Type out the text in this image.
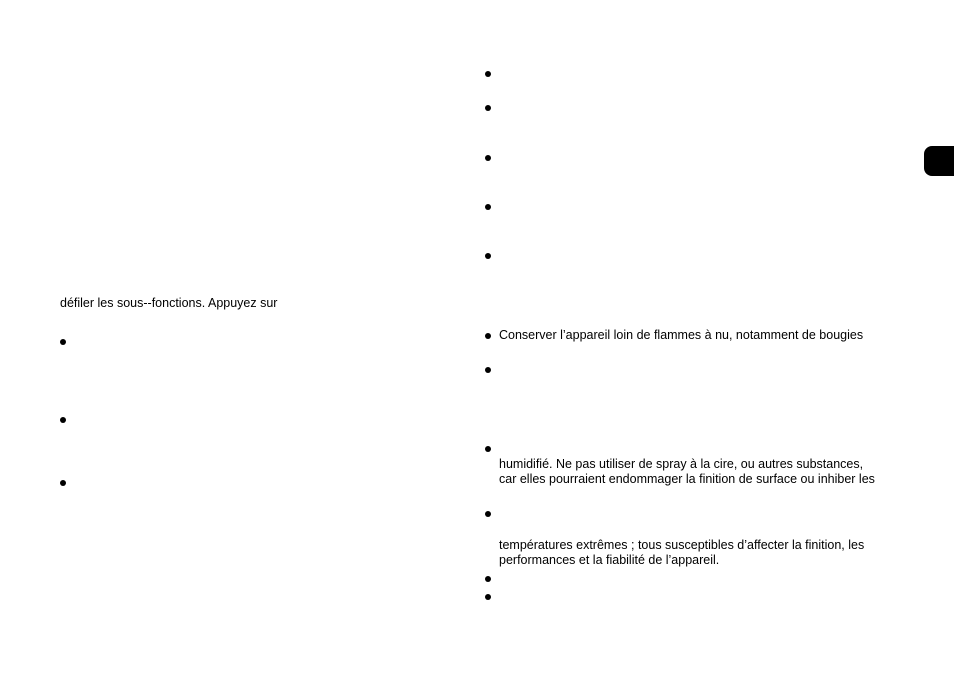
défiler les sous--fonctions. Appuyez sur
Conserver l’appareil loin de flammes à nu, notamment de bougies
humidifié. Ne pas utiliser de spray à la cire, ou autres substances,
car elles pourraient endommager la finition de surface ou inhiber les
températures extrêmes ; tous susceptibles d’affecter la finition, les
performances et la fiabilité de l’appareil.
